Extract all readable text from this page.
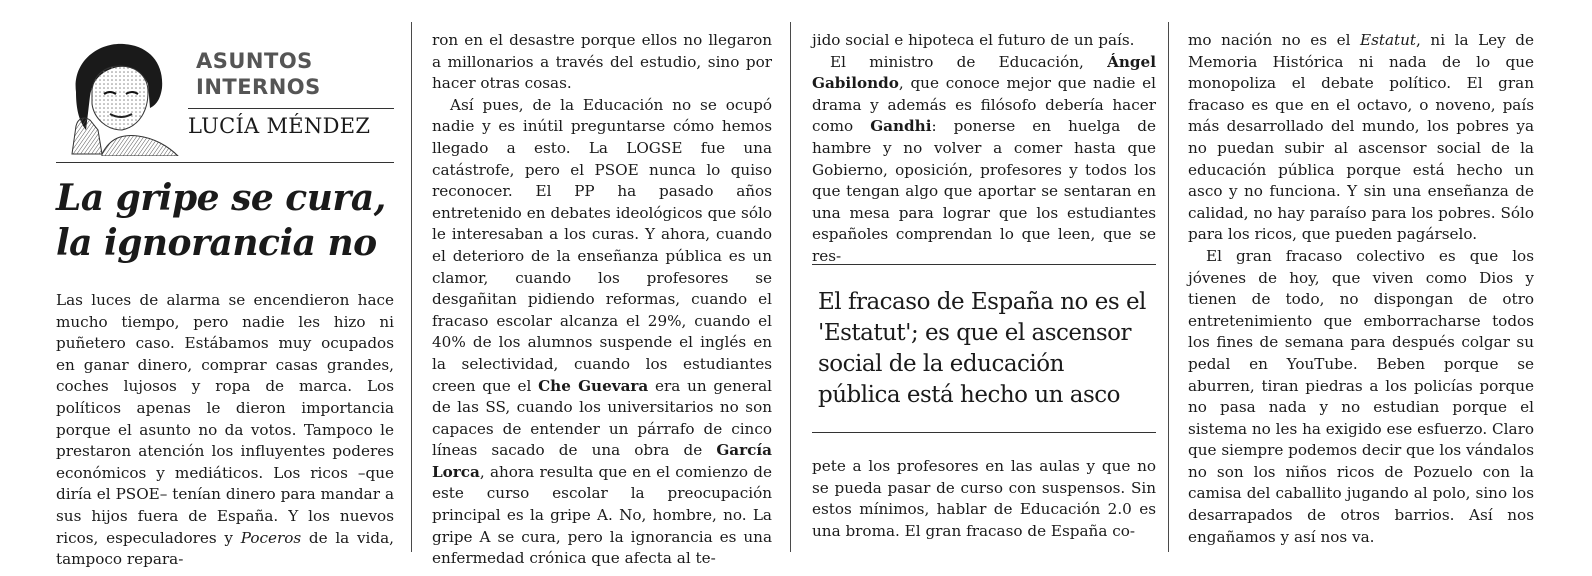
ASUNTOS
INTERNOS
LUCÍA MÉNDEZ
La gripe se cura,
la ignorancia no

Las luces de alarma se encendieron hace mucho tiempo, pero nadie les hizo ni puñetero caso. Estábamos muy ocupados en ganar dinero, comprar casas grandes, coches lujosos y ropa de marca. Los políticos apenas le dieron importancia porque el asunto no da votos. Tampoco le prestaron atención los influyentes poderes económicos y mediáticos. Los ricos –que diría el PSOE– tenían dinero para mandar a sus hijos fuera de España. Y los nuevos ricos, especuladores y Poceros de la vida, tampoco repara-

ron en el desastre porque ellos no llegaron a millonarios a través del estudio, sino por hacer otras cosas.

Así pues, de la Educación no se ocupó nadie y es inútil preguntarse cómo hemos llegado a esto. La LOGSE fue una catástrofe, pero el PSOE nunca lo quiso reconocer. El PP ha pasado años entretenido en debates ideológicos que sólo le interesaban a los curas. Y ahora, cuando el deterioro de la enseñanza pública es un clamor, cuando los profesores se desgañitan pidiendo reformas, cuando el fracaso escolar alcanza el 29%, cuando el 40% de los alumnos suspende el inglés en la selectividad, cuando los estudiantes creen que el Che Guevara era un general de las SS, cuando los universitarios no son capaces de entender un párrafo de cinco líneas sacado de una obra de García Lorca, ahora resulta que en el comienzo de este curso escolar la preocupación principal es la gripe A. No, hombre, no. La gripe A se cura, pero la ignorancia es una enfermedad crónica que afecta al te-

jido social e hipoteca el futuro de un país.

El ministro de Educación, Ángel Gabilondo, que conoce mejor que nadie el drama y además es filósofo debería hacer como Gandhi: ponerse en huelga de hambre y no volver a comer hasta que Gobierno, oposición, profesores y todos los que tengan algo que aportar se sentaran en una mesa para lograr que los estudiantes españoles comprendan lo que leen, que se res-

El fracaso de España no es el
'Estatut'; es que el ascensor
social de la educación
pública está hecho un asco

pete a los profesores en las aulas y que no se pueda pasar de curso con suspensos. Sin estos mínimos, hablar de Educación 2.0 es una broma. El gran fracaso de España co-

mo nación no es el Estatut, ni la Ley de Memoria Histórica ni nada de lo que monopoliza el debate político. El gran fracaso es que en el octavo, o noveno, país más desarrollado del mundo, los pobres ya no puedan subir al ascensor social de la educación pública porque está hecho un asco y no funciona. Y sin una enseñanza de calidad, no hay paraíso para los pobres. Sólo para los ricos, que pueden pagárselo.

El gran fracaso colectivo es que los jóvenes de hoy, que viven como Dios y tienen de todo, no dispongan de otro entretenimiento que emborracharse todos los fines de semana para después colgar su pedal en YouTube. Beben porque se aburren, tiran piedras a los policías porque no pasa nada y no estudian porque el sistema no les ha exigido ese esfuerzo. Claro que siempre podemos decir que los vándalos no son los niños ricos de Pozuelo con la camisa del caballito jugando al polo, sino los desarrapados de otros barrios. Así nos engañamos y así nos va.
